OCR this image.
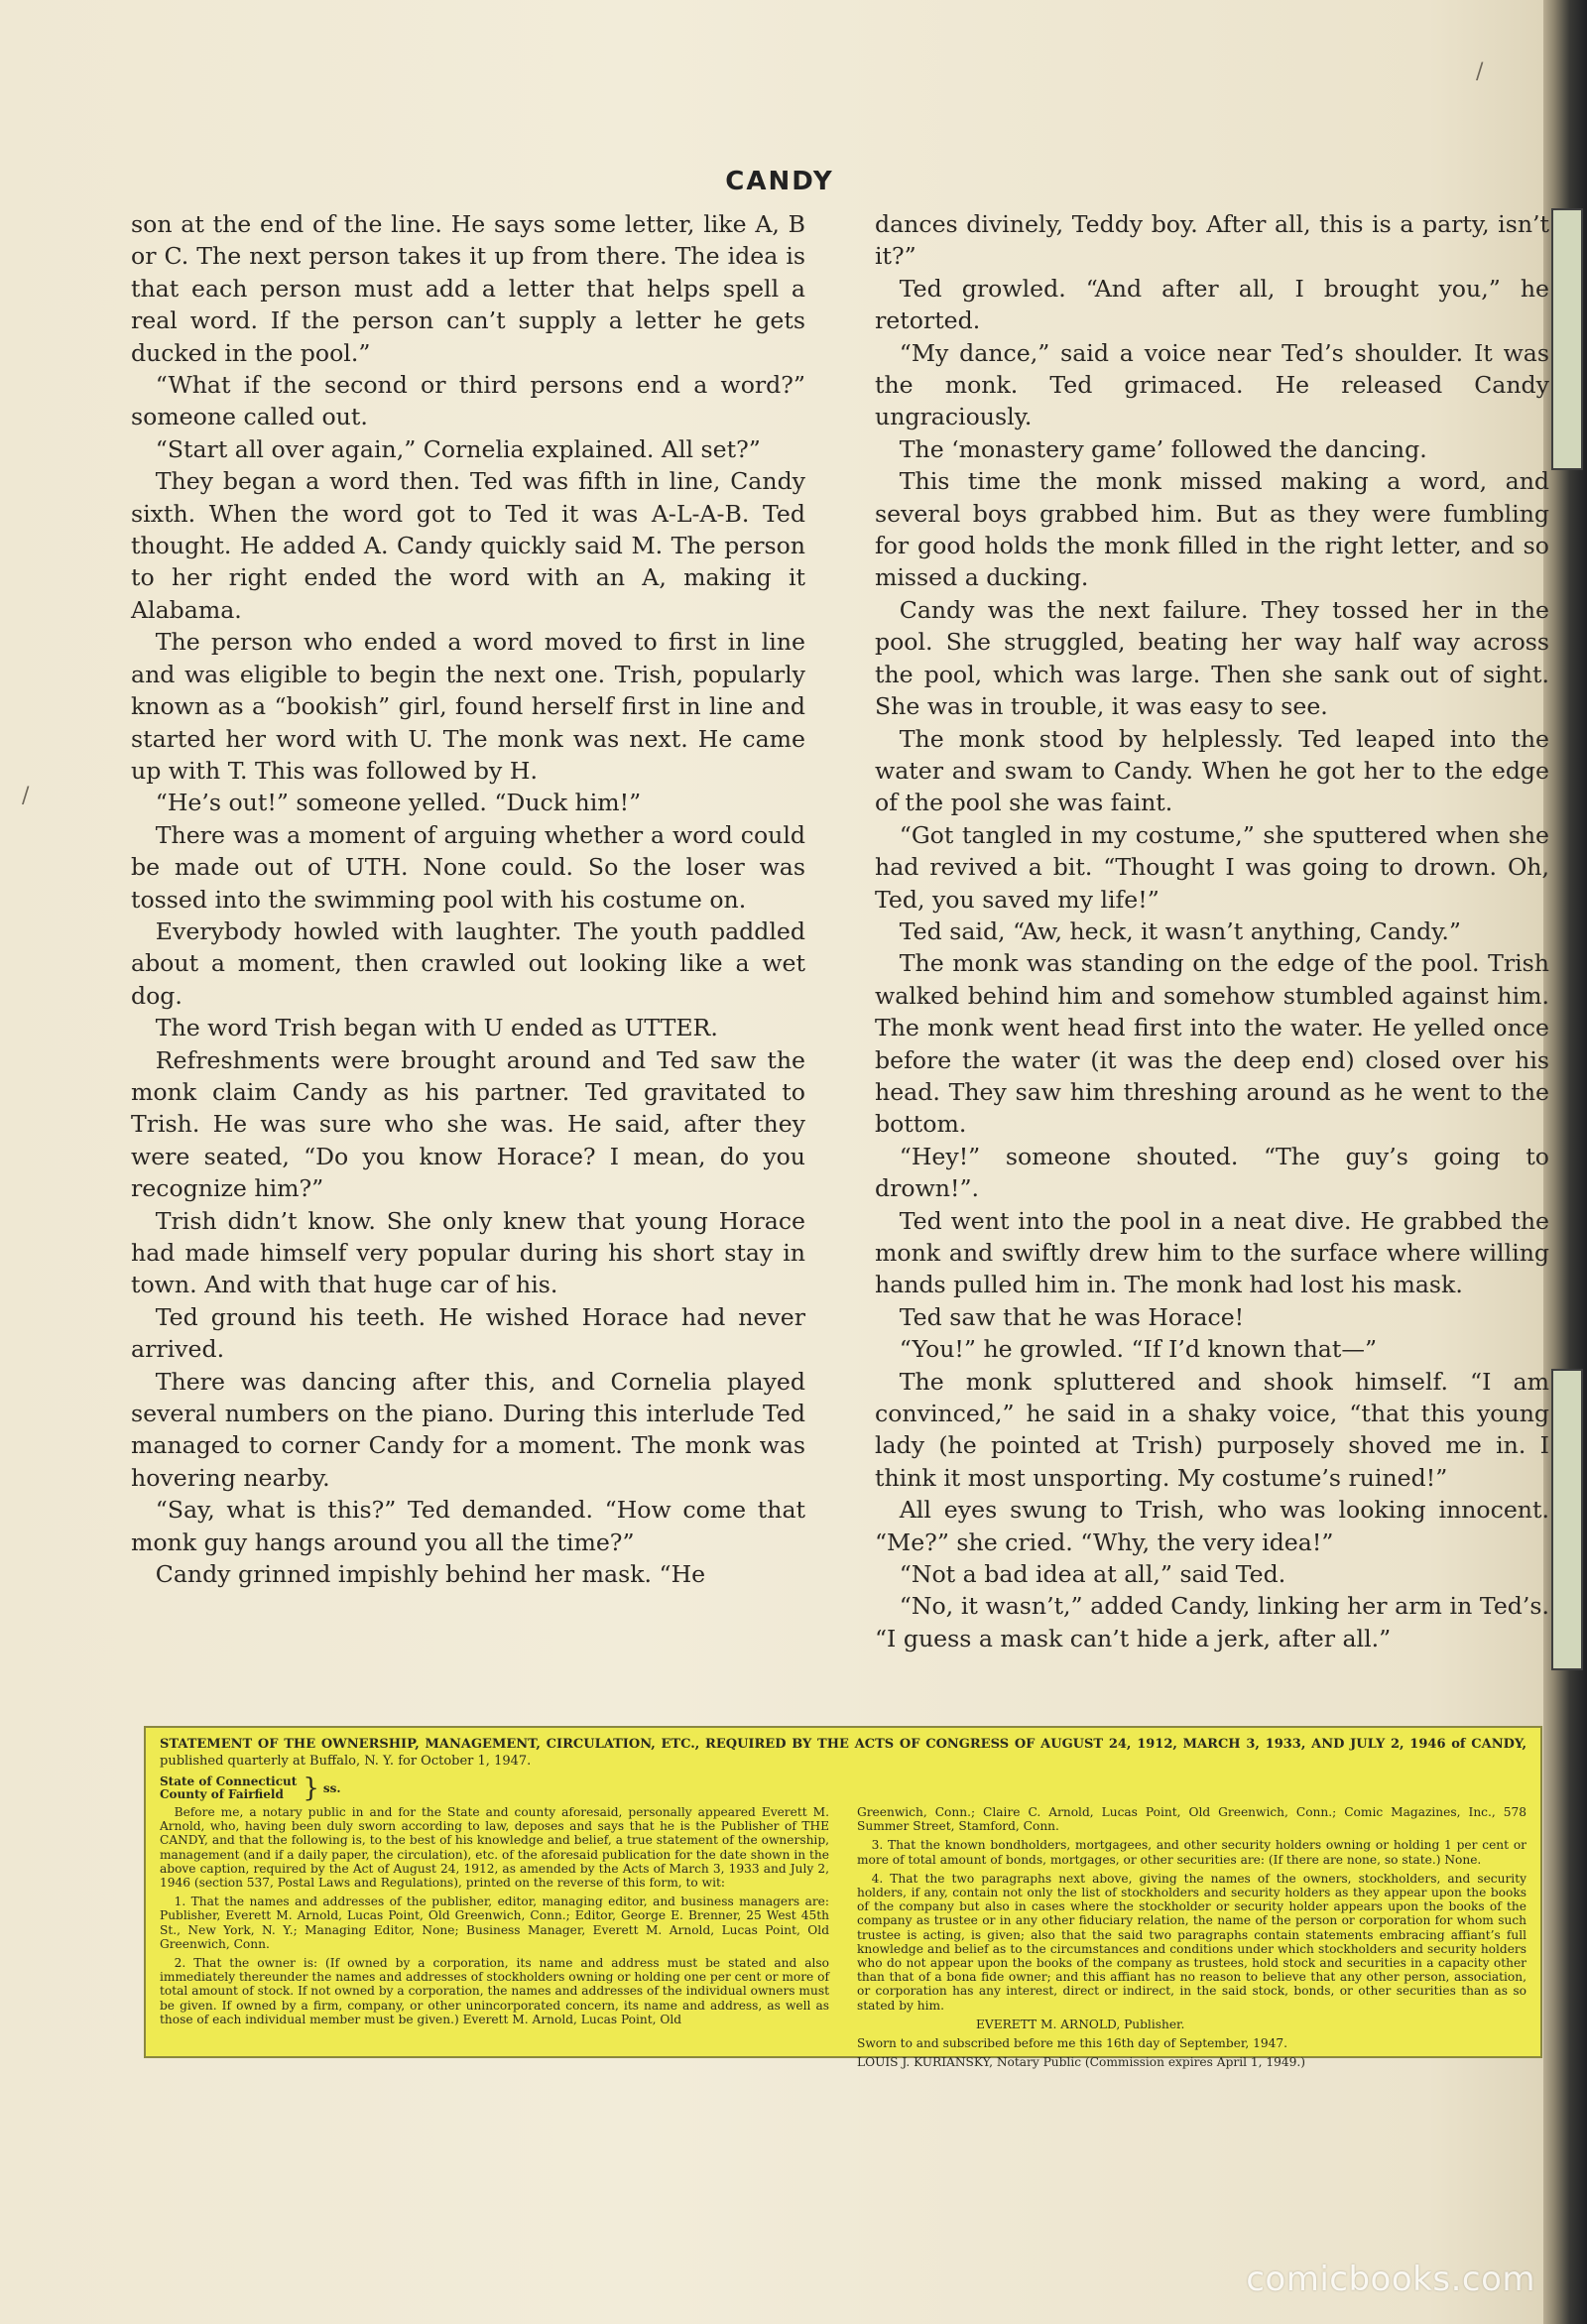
CANDY

son at the end of the line. He says some letter, like A, B or C. The next person takes it up from there. The idea is that each person must add a letter that helps spell a real word. If the person can’t supply a letter he gets ducked in the pool.”

“What if the second or third persons end a word?” someone called out.

“Start all over again,” Cornelia explained. All set?”

They began a word then. Ted was fifth in line, Candy sixth. When the word got to Ted it was A-L-A-B. Ted thought. He added A. Candy quickly said M. The person to her right ended the word with an A, making it Alabama.

The person who ended a word moved to first in line and was eligible to begin the next one. Trish, popularly known as a “bookish” girl, found herself first in line and started her word with U. The monk was next. He came up with T. This was followed by H.

“He’s out!” someone yelled. “Duck him!”

There was a moment of arguing whether a word could be made out of UTH. None could. So the loser was tossed into the swimming pool with his costume on.

Everybody howled with laughter. The youth paddled about a moment, then crawled out looking like a wet dog.

The word Trish began with U ended as UTTER.

Refreshments were brought around and Ted saw the monk claim Candy as his partner. Ted gravitated to Trish. He was sure who she was. He said, after they were seated, “Do you know Horace? I mean, do you recognize him?”

Trish didn’t know. She only knew that young Horace had made himself very popular during his short stay in town. And with that huge car of his.

Ted ground his teeth. He wished Horace had never arrived.

There was dancing after this, and Cornelia played several numbers on the piano. During this interlude Ted managed to corner Candy for a moment. The monk was hovering nearby.

“Say, what is this?” Ted demanded. “How come that monk guy hangs around you all the time?”

Candy grinned impishly behind her mask. “He

dances divinely, Teddy boy. After all, this is a party, isn’t it?”

Ted growled. “And after all, I brought you,” he retorted.

“My dance,” said a voice near Ted’s shoulder. It was the monk. Ted grimaced. He released Candy ungraciously.

The ‘monastery game’ followed the dancing.

This time the monk missed making a word, and several boys grabbed him. But as they were fumbling for good holds the monk filled in the right letter, and so missed a ducking.

Candy was the next failure. They tossed her in the pool. She struggled, beating her way half way across the pool, which was large. Then she sank out of sight. She was in trouble, it was easy to see.

The monk stood by helplessly. Ted leaped into the water and swam to Candy. When he got her to the edge of the pool she was faint.

“Got tangled in my costume,” she sputtered when she had revived a bit. “Thought I was going to drown. Oh, Ted, you saved my life!”

Ted said, “Aw, heck, it wasn’t anything, Candy.”

The monk was standing on the edge of the pool. Trish walked behind him and somehow stumbled against him. The monk went head first into the water. He yelled once before the water (it was the deep end) closed over his head. They saw him threshing around as he went to the bottom.

“Hey!” someone shouted. “The guy’s going to drown!”.

Ted went into the pool in a neat dive. He grabbed the monk and swiftly drew him to the surface where willing hands pulled him in. The monk had lost his mask.

Ted saw that he was Horace!

“You!” he growled. “If I’d known that—”

The monk spluttered and shook himself. “I am convinced,” he said in a shaky voice, “that this young lady (he pointed at Trish) purposely shoved me in. I think it most unsporting. My costume’s ruined!”

All eyes swung to Trish, who was looking innocent. “Me?” she cried. “Why, the very idea!”

“Not a bad idea at all,” said Ted.

“No, it wasn’t,” added Candy, linking her arm in Ted’s. “I guess a mask can’t hide a jerk, after all.”

STATEMENT OF THE OWNERSHIP, MANAGEMENT, CIRCULATION, ETC., REQUIRED BY THE ACTS OF CONGRESS OF AUGUST 24, 1912, MARCH 3, 1933, AND JULY 2, 1946 of CANDY, published quarterly at Buffalo, N. Y. for October 1, 1947.
State of Connecticut
County of Fairfield } ss.

Before me, a notary public in and for the State and county aforesaid, personally appeared Everett M. Arnold, who, having been duly sworn according to law, deposes and says that he is the Publisher of THE CANDY, and that the following is, to the best of his knowledge and belief, a true statement of the ownership, management (and if a daily paper, the circulation), etc. of the aforesaid publication for the date shown in the above caption, required by the Act of August 24, 1912, as amended by the Acts of March 3, 1933 and July 2, 1946 (section 537, Postal Laws and Regulations), printed on the reverse of this form, to wit:

1. That the names and addresses of the publisher, editor, managing editor, and business managers are: Publisher, Everett M. Arnold, Lucas Point, Old Greenwich, Conn.; Editor, George E. Brenner, 25 West 45th St., New York, N. Y.; Managing Editor, None; Business Manager, Everett M. Arnold, Lucas Point, Old Greenwich, Conn.

2. That the owner is: (If owned by a corporation, its name and address must be stated and also immediately thereunder the names and addresses of stockholders owning or holding one per cent or more of total amount of stock. If not owned by a corporation, the names and addresses of the individual owners must be given. If owned by a firm, company, or other unincorporated concern, its name and address, as well as those of each individual member must be given.) Everett M. Arnold, Lucas Point, Old

Greenwich, Conn.; Claire C. Arnold, Lucas Point, Old Greenwich, Conn.; Comic Magazines, Inc., 578 Summer Street, Stamford, Conn.

3. That the known bondholders, mortgagees, and other security holders owning or holding 1 per cent or more of total amount of bonds, mortgages, or other securities are: (If there are none, so state.) None.

4. That the two paragraphs next above, giving the names of the owners, stockholders, and security holders, if any, contain not only the list of stockholders and security holders as they appear upon the books of the company but also in cases where the stockholder or security holder appears upon the books of the company as trustee or in any other fiduciary relation, the name of the person or corporation for whom such trustee is acting, is given; also that the said two paragraphs contain statements embracing affiant’s full knowledge and belief as to the circumstances and conditions under which stockholders and security holders who do not appear upon the books of the company as trustees, hold stock and securities in a capacity other than that of a bona fide owner; and this affiant has no reason to believe that any other person, association, or corporation has any interest, direct or indirect, in the said stock, bonds, or other securities than as so stated by him.

EVERETT M. ARNOLD, Publisher.

Sworn to and subscribed before me this 16th day of September, 1947.

LOUIS J. KURIANSKY, Notary Public (Commission expires April 1, 1949.)

/
/
comicbooks.com
